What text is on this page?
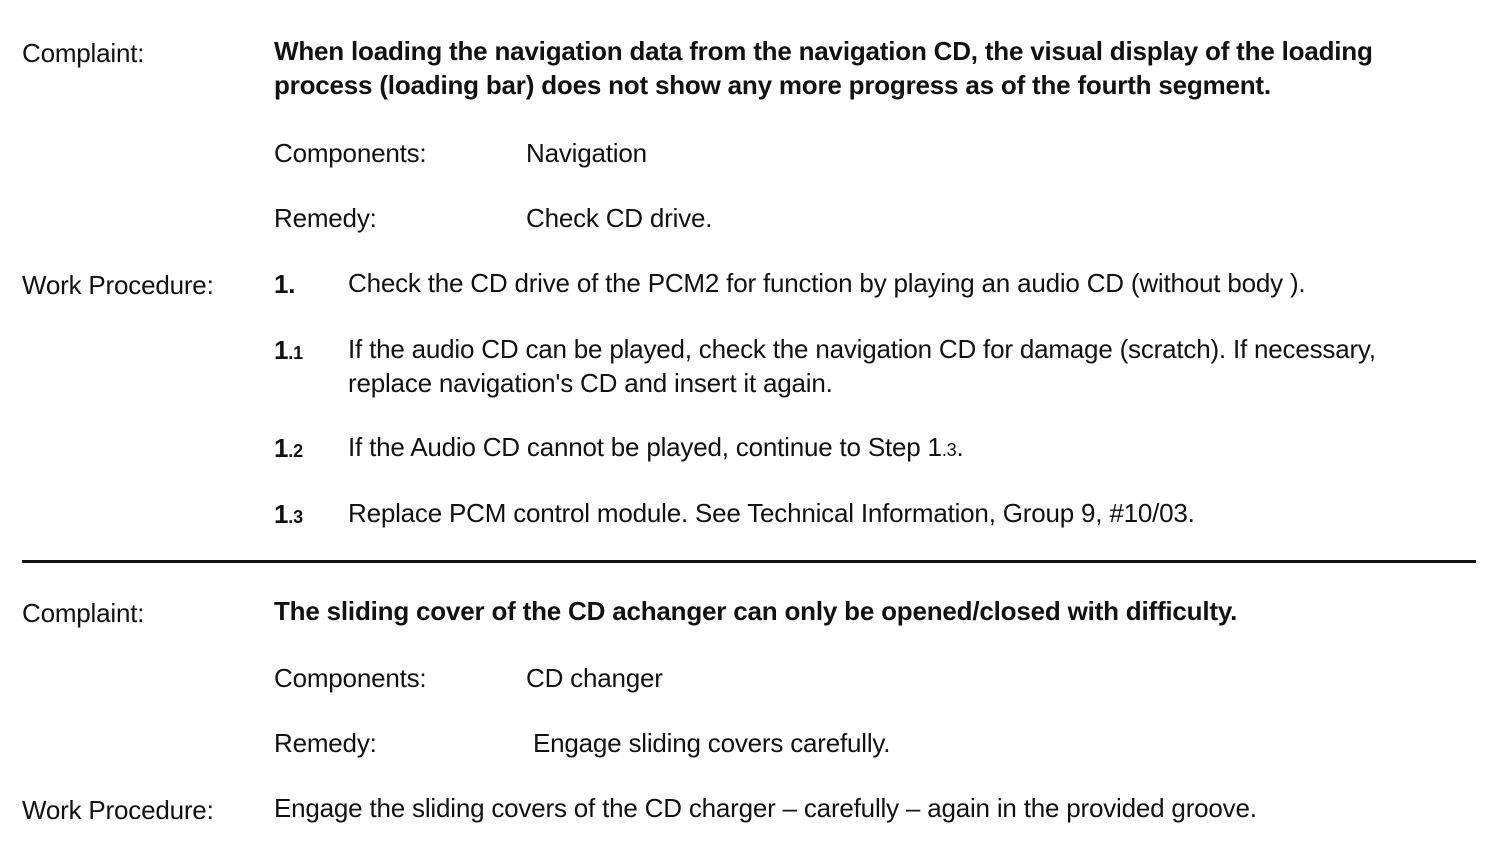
Complaint:	When loading the navigation data from the navigation CD, the visual display of the loading process (loading bar) does not show any more progress as of the fourth segment.
Components:	Navigation
Remedy:	Check CD drive.
Work Procedure: 1. Check the CD drive of the PCM2 for function by playing an audio CD (without body ).
1.1 If the audio CD can be played, check the navigation CD for damage (scratch). If necessary, replace navigation's CD and insert it again.
1.2 If the Audio CD cannot be played, continue to Step 1.3.
1.3 Replace PCM control module. See Technical Information, Group 9, #10/03.
Complaint:	The sliding cover of the CD achanger can only be opened/closed with difficulty.
Components:	CD changer
Remedy:	Engage sliding covers carefully.
Work Procedure: Engage the sliding covers of the CD charger – carefully – again in the provided groove.
